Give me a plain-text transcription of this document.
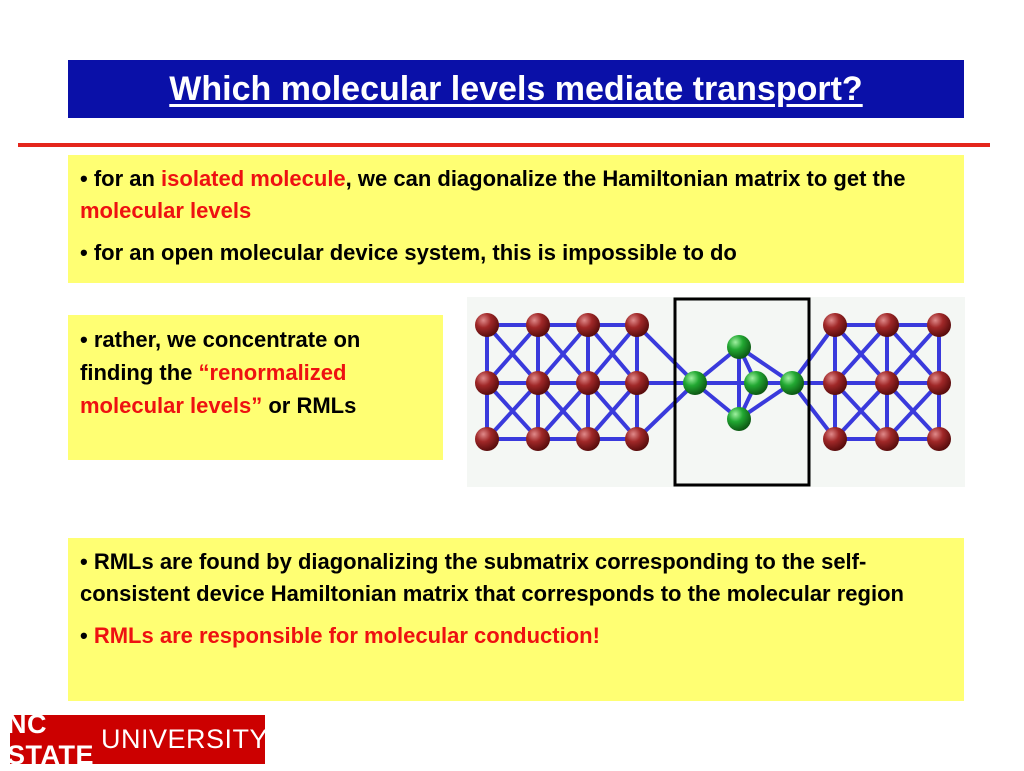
Which molecular levels mediate transport?

• for an isolated molecule, we can diagonalize the Hamiltonian matrix to get the molecular levels

• for an open molecular device system, this is impossible to do

• rather, we concentrate on finding the “renormalized molecular levels” or RMLs

• RMLs are found by diagonalizing the submatrix corresponding to the self-consistent device Hamiltonian matrix that corresponds to the molecular region

• RMLs are responsible for molecular conduction!

NC STATE
UNIVERSITY
